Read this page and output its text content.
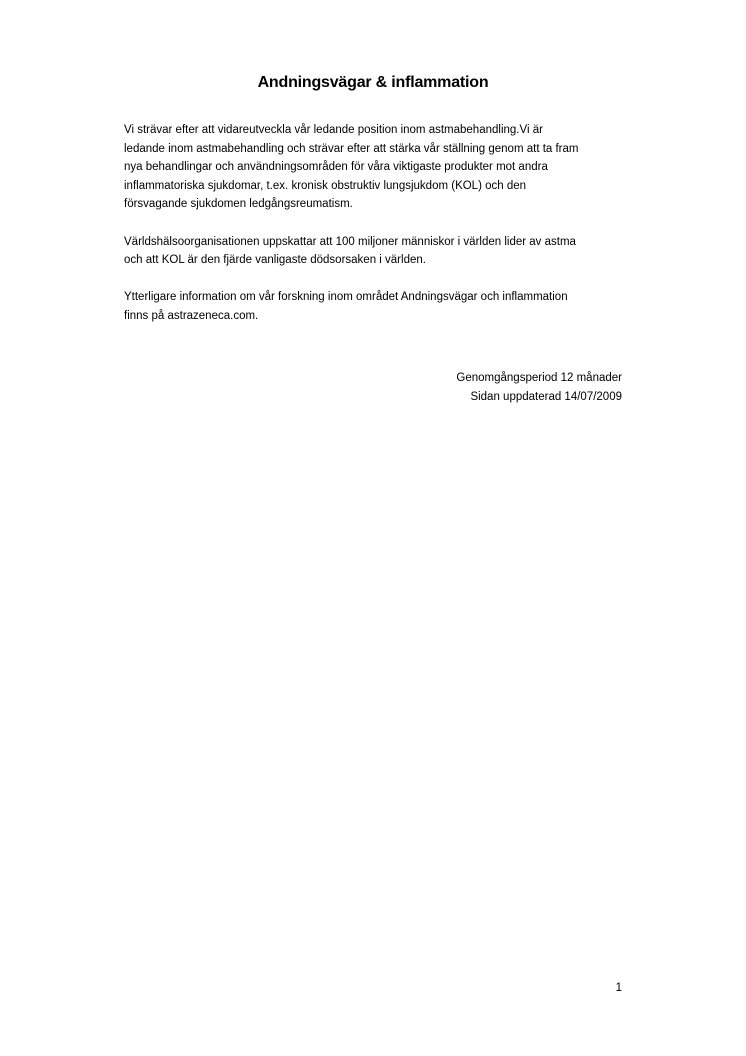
Andningsvägar & inflammation

Vi strävar efter att vidareutveckla vår ledande position inom astmabehandling.Vi är
ledande inom astmabehandling och strävar efter att stärka vår ställning genom att ta fram
nya behandlingar och användningsområden för våra viktigaste produkter mot andra
inflammatoriska sjukdomar, t.ex. kronisk obstruktiv lungsjukdom (KOL) och den
försvagande sjukdomen ledgångsreumatism.

Världshälsoorganisationen uppskattar att 100 miljoner människor i världen lider av astma
och att KOL är den fjärde vanligaste dödsorsaken i världen.

Ytterligare information om vår forskning inom området Andningsvägar och inflammation
finns på astrazeneca.com.

Genomgångsperiod 12 månader
Sidan uppdaterad 14/07/2009
1
